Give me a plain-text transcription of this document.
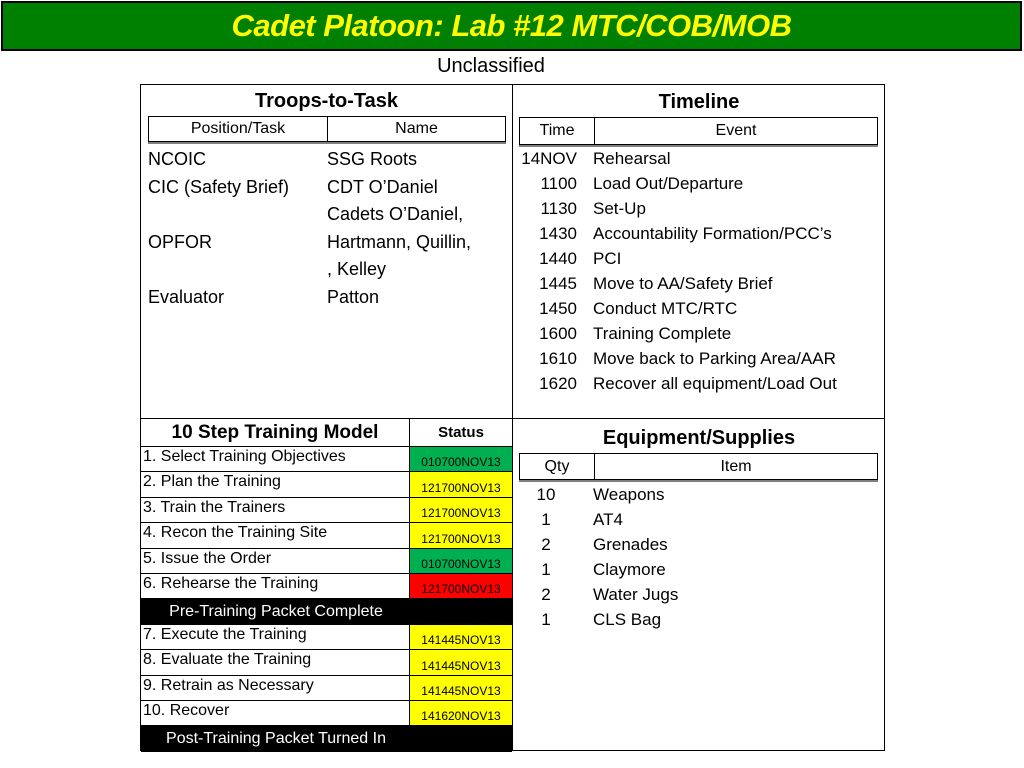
Cadet Platoon: Lab #12 MTC/COB/MOB
Unclassified
Troops-to-Task
Position/Task	Name
NCOIC	SSG Roots
CIC (Safety Brief)	CDT O’Daniel
Cadets O’Daniel,
OPFOR	Hartmann, Quillin,
, Kelley
Evaluator	Patton
Timeline
Time	Event
14NOV Rehearsal
1100 Load Out/Departure
1130 Set-Up
1430 Accountability Formation/PCC’s
1440 PCI
1445 Move to AA/Safety Brief
1450 Conduct MTC/RTC
1600 Training Complete
1610 Move back to Parking Area/AAR
1620 Recover all equipment/Load Out
10 Step Training Model	Status
1. Select Training Objectives	010700NOV13
2. Plan the Training	121700NOV13
3. Train the Trainers	121700NOV13
4. Recon the Training Site	121700NOV13
5. Issue the Order	010700NOV13
6. Rehearse the Training	121700NOV13
Pre-Training Packet Complete
7. Execute the Training	141445NOV13
8. Evaluate the Training	141445NOV13
9. Retrain as Necessary	141445NOV13
10. Recover	141620NOV13
Post-Training Packet Turned In
Equipment/Supplies
Qty	Item
10	Weapons
1	AT4
2	Grenades
1	Claymore
2	Water Jugs
1	CLS Bag
